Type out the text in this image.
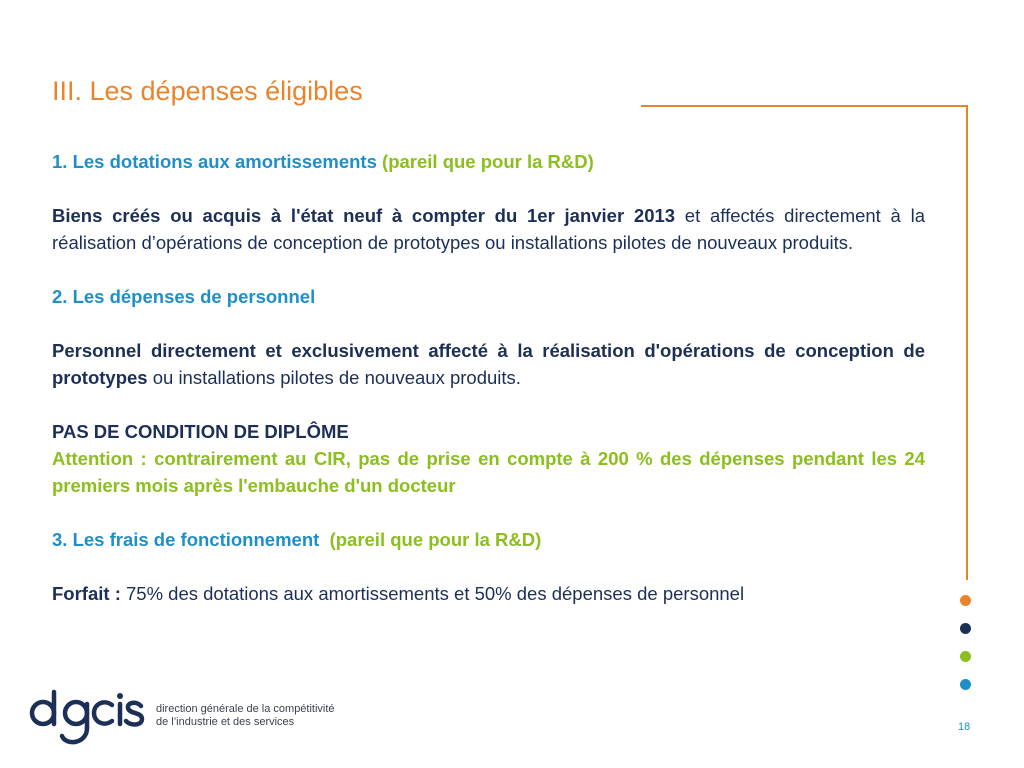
III. Les dépenses éligibles

1. Les dotations aux amortissements (pareil que pour la R&D)

Biens créés ou acquis à l'état neuf à compter du 1er janvier 2013 et affectés directement à la réalisation d’opérations de conception de prototypes ou installations pilotes de nouveaux produits.

2. Les dépenses de personnel

Personnel directement et exclusivement affecté à la réalisation d'opérations de conception de prototypes ou installations pilotes de nouveaux produits.

PAS DE CONDITION DE DIPLÔME

Attention : contrairement au CIR, pas de prise en compte à 200 % des dépenses pendant les 24 premiers mois après l'embauche d'un docteur

3. Les frais de fonctionnement (pareil que pour la R&D)

Forfait : 75% des dotations aux amortissements et 50% des dépenses de personnel

direction générale de la compétitivité
de l’industrie et des services	18
